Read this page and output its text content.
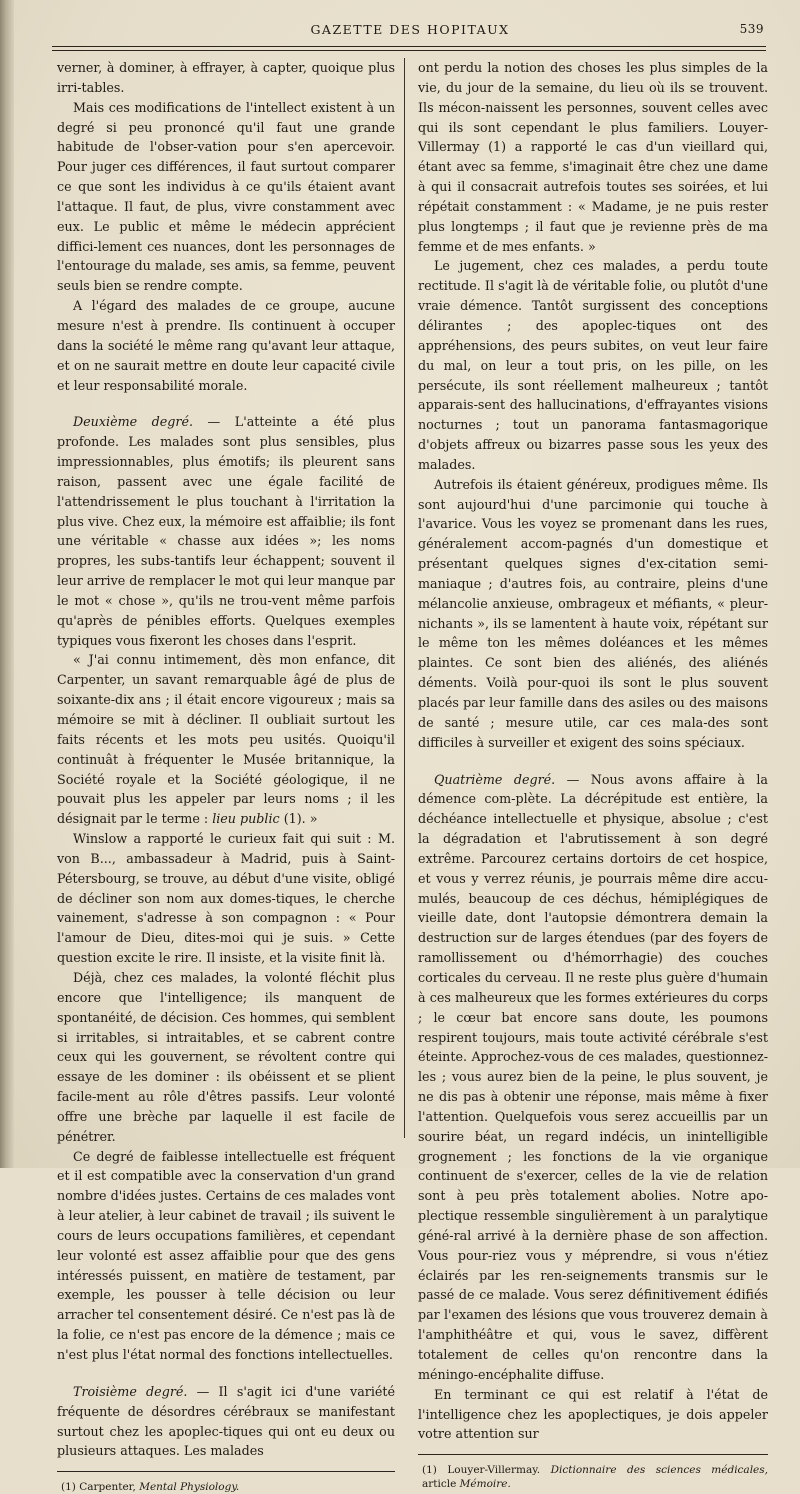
GAZETTE DES HOPITAUX	539

verner, à dominer, à effrayer, à capter, quoique plus irri-tables.

Mais ces modifications de l'intellect existent à un degré si peu prononcé qu'il faut une grande habitude de l'obser-vation pour s'en apercevoir. Pour juger ces différences, il faut surtout comparer ce que sont les individus à ce qu'ils étaient avant l'attaque. Il faut, de plus, vivre constamment avec eux. Le public et même le médecin apprécient diffici-lement ces nuances, dont les personnages de l'entourage du malade, ses amis, sa femme, peuvent seuls bien se rendre compte.

A l'égard des malades de ce groupe, aucune mesure n'est à prendre. Ils continuent à occuper dans la société le même rang qu'avant leur attaque, et on ne saurait mettre en doute leur capacité civile et leur responsabilité morale.

Deuxième degré. — L'atteinte a été plus profonde. Les malades sont plus sensibles, plus impressionnables, plus émotifs; ils pleurent sans raison, passent avec une égale facilité de l'attendrissement le plus touchant à l'irritation la plus vive. Chez eux, la mémoire est affaiblie; ils font une véritable « chasse aux idées »; les noms propres, les subs-tantifs leur échappent; souvent il leur arrive de remplacer le mot qui leur manque par le mot « chose », qu'ils ne trou-vent même parfois qu'après de pénibles efforts. Quelques exemples typiques vous fixeront les choses dans l'esprit.

« J'ai connu intimement, dès mon enfance, dit Carpenter, un savant remarquable âgé de plus de soixante-dix ans ; il était encore vigoureux ; mais sa mémoire se mit à décliner. Il oubliait surtout les faits récents et les mots peu usités. Quoiqu'il continuât à fréquenter le Musée britannique, la Société royale et la Société géologique, il ne pouvait plus les appeler par leurs noms ; il les désignait par le terme : lieu public (1). »

Winslow a rapporté le curieux fait qui suit : M. von B..., ambassadeur à Madrid, puis à Saint-Pétersbourg, se trouve, au début d'une visite, obligé de décliner son nom aux domes-tiques, le cherche vainement, s'adresse à son compagnon : « Pour l'amour de Dieu, dites-moi qui je suis. » Cette question excite le rire. Il insiste, et la visite finit là.

Déjà, chez ces malades, la volonté fléchit plus encore que l'intelligence; ils manquent de spontanéité, de décision. Ces hommes, qui semblent si irritables, si intraitables, et se cabrent contre ceux qui les gouvernent, se révoltent contre qui essaye de les dominer : ils obéissent et se plient facile-ment au rôle d'êtres passifs. Leur volonté offre une brèche par laquelle il est facile de pénétrer.

Ce degré de faiblesse intellectuelle est fréquent et il est compatible avec la conservation d'un grand nombre d'idées justes. Certains de ces malades vont à leur atelier, à leur cabinet de travail ; ils suivent le cours de leurs occupations familières, et cependant leur volonté est assez affaiblie pour que des gens intéressés puissent, en matière de testament, par exemple, les pousser à telle décision ou leur arracher tel consentement désiré. Ce n'est pas là de la folie, ce n'est pas encore de la démence ; mais ce n'est plus l'état normal des fonctions intellectuelles.

Troisième degré. — Il s'agit ici d'une variété fréquente de désordres cérébraux se manifestant surtout chez les apoplec-tiques qui ont eu deux ou plusieurs attaques. Les malades

(1) Carpenter, Mental Physiology.

ont perdu la notion des choses les plus simples de la vie, du jour de la semaine, du lieu où ils se trouvent. Ils mécon-naissent les personnes, souvent celles avec qui ils sont cependant le plus familiers. Louyer-Villermay (1) a rapporté le cas d'un vieillard qui, étant avec sa femme, s'imaginait être chez une dame à qui il consacrait autrefois toutes ses soirées, et lui répétait constamment : « Madame, je ne puis rester plus longtemps ; il faut que je revienne près de ma femme et de mes enfants. »

Le jugement, chez ces malades, a perdu toute rectitude. Il s'agit là de véritable folie, ou plutôt d'une vraie démence. Tantôt surgissent des conceptions délirantes ; des apoplec-tiques ont des appréhensions, des peurs subites, on veut leur faire du mal, on leur a tout pris, on les pille, on les persécute, ils sont réellement malheureux ; tantôt apparais-sent des hallucinations, d'effrayantes visions nocturnes ; tout un panorama fantasmagorique d'objets affreux ou bizarres passe sous les yeux des malades.

Autrefois ils étaient généreux, prodigues même. Ils sont aujourd'hui d'une parcimonie qui touche à l'avarice. Vous les voyez se promenant dans les rues, généralement accom-pagnés d'un domestique et présentant quelques signes d'ex-citation semi-maniaque ; d'autres fois, au contraire, pleins d'une mélancolie anxieuse, ombrageux et méfiants, « pleur-nichants », ils se lamentent à haute voix, répétant sur le même ton les mêmes doléances et les mêmes plaintes. Ce sont bien des aliénés, des aliénés déments. Voilà pour-quoi ils sont le plus souvent placés par leur famille dans des asiles ou des maisons de santé ; mesure utile, car ces mala-des sont difficiles à surveiller et exigent des soins spéciaux.

Quatrième degré. — Nous avons affaire à la démence com-plète. La décrépitude est entière, la déchéance intellectuelle et physique, absolue ; c'est la dégradation et l'abrutissement à son degré extrême. Parcourez certains dortoirs de cet hospice, et vous y verrez réunis, je pourrais même dire accu-mulés, beaucoup de ces déchus, hémiplégiques de vieille date, dont l'autopsie démontrera demain la destruction sur de larges étendues (par des foyers de ramollissement ou d'hémorrhagie) des couches corticales du cerveau. Il ne reste plus guère d'humain à ces malheureux que les formes extérieures du corps ; le cœur bat encore sans doute, les poumons respirent toujours, mais toute activité cérébrale s'est éteinte. Approchez-vous de ces malades, questionnez-les ; vous aurez bien de la peine, le plus souvent, je ne dis pas à obtenir une réponse, mais même à fixer l'attention. Quelquefois vous serez accueillis par un sourire béat, un regard indécis, un inintelligible grognement ; les fonctions de la vie organique continuent de s'exercer, celles de la vie de relation sont à peu près totalement abolies. Notre apo-plectique ressemble singulièrement à un paralytique géné-ral arrivé à la dernière phase de son affection. Vous pour-riez vous y méprendre, si vous n'étiez éclairés par les ren-seignements transmis sur le passé de ce malade. Vous serez définitivement édifiés par l'examen des lésions que vous trouverez demain à l'amphithéâtre et qui, vous le savez, diffèrent totalement de celles qu'on rencontre dans la méningo-encéphalite diffuse.

En terminant ce qui est relatif à l'état de l'intelligence chez les apoplectiques, je dois appeler votre attention sur

(1) Louyer-Villermay. Dictionnaire des sciences médicales, article Mémoire.
